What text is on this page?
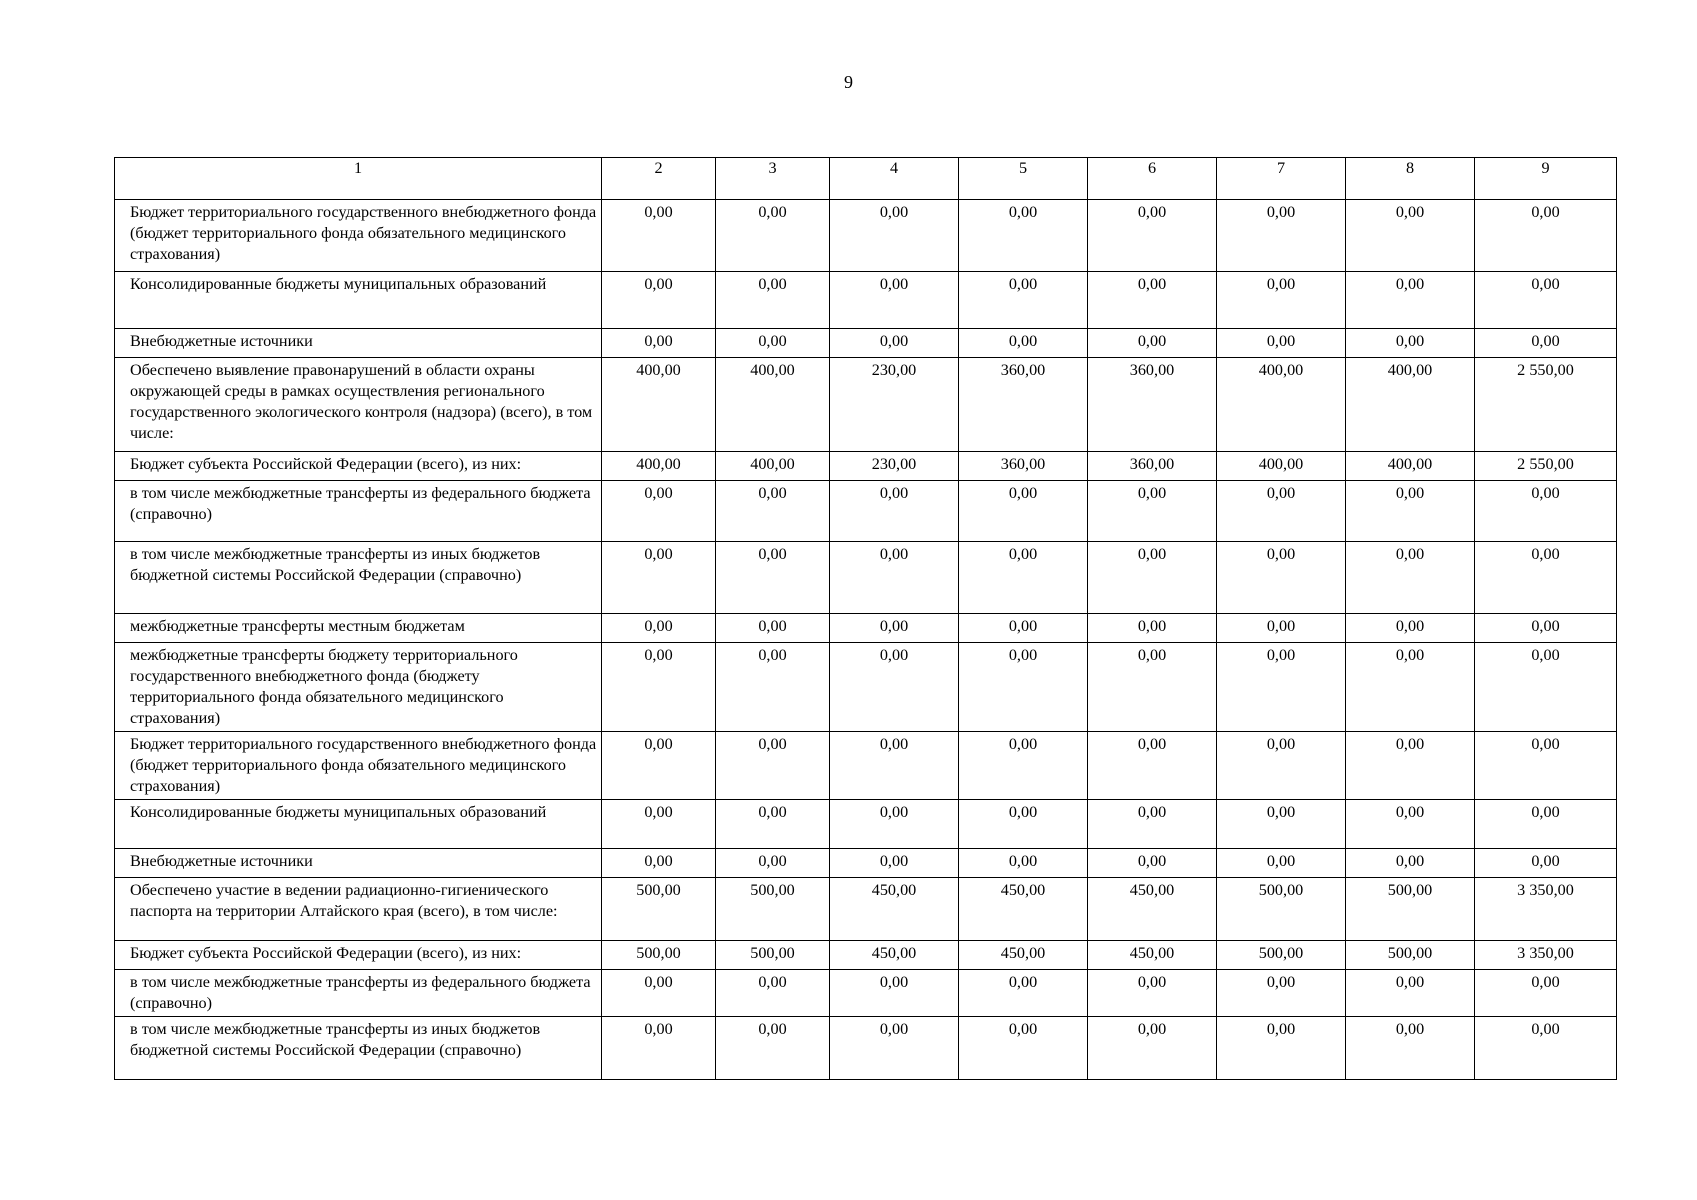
9
1	2	3	4	5	6	7	8	9
Бюджет территориального государственного внебюджетного фонда (бюджет территориального фонда обязательного медицинского страхования)	0,00	0,00	0,00	0,00	0,00	0,00	0,00	0,00
Консолидированные бюджеты муниципальных образований	0,00	0,00	0,00	0,00	0,00	0,00	0,00	0,00
Внебюджетные источники	0,00	0,00	0,00	0,00	0,00	0,00	0,00	0,00
Обеспечено выявление правонарушений в области охраны окружающей среды в рамках осуществления регионального государственного экологического контроля (надзора) (всего), в том числе:	400,00	400,00	230,00	360,00	360,00	400,00	400,00	2 550,00
Бюджет субъекта Российской Федерации (всего), из них:	400,00	400,00	230,00	360,00	360,00	400,00	400,00	2 550,00
в том числе межбюджетные трансферты из федерального бюджета (справочно)	0,00	0,00	0,00	0,00	0,00	0,00	0,00	0,00
в том числе межбюджетные трансферты из иных бюджетов бюджетной системы Российской Федерации (справочно)	0,00	0,00	0,00	0,00	0,00	0,00	0,00	0,00
межбюджетные трансферты местным бюджетам	0,00	0,00	0,00	0,00	0,00	0,00	0,00	0,00
межбюджетные трансферты бюджету территориального государственного внебюджетного фонда (бюджету территориального фонда обязательного медицинского страхования)	0,00	0,00	0,00	0,00	0,00	0,00	0,00	0,00
Бюджет территориального государственного внебюджетного фонда (бюджет территориального фонда обязательного медицинского страхования)	0,00	0,00	0,00	0,00	0,00	0,00	0,00	0,00
Консолидированные бюджеты муниципальных образований	0,00	0,00	0,00	0,00	0,00	0,00	0,00	0,00
Внебюджетные источники	0,00	0,00	0,00	0,00	0,00	0,00	0,00	0,00
Обеспечено участие в ведении радиационно-гигиенического паспорта на территории Алтайского края (всего), в том числе:	500,00	500,00	450,00	450,00	450,00	500,00	500,00	3 350,00
Бюджет субъекта Российской Федерации (всего), из них:	500,00	500,00	450,00	450,00	450,00	500,00	500,00	3 350,00
в том числе межбюджетные трансферты из федерального бюджета (справочно)	0,00	0,00	0,00	0,00	0,00	0,00	0,00	0,00
в том числе межбюджетные трансферты из иных бюджетов бюджетной системы Российской Федерации (справочно)	0,00	0,00	0,00	0,00	0,00	0,00	0,00	0,00
